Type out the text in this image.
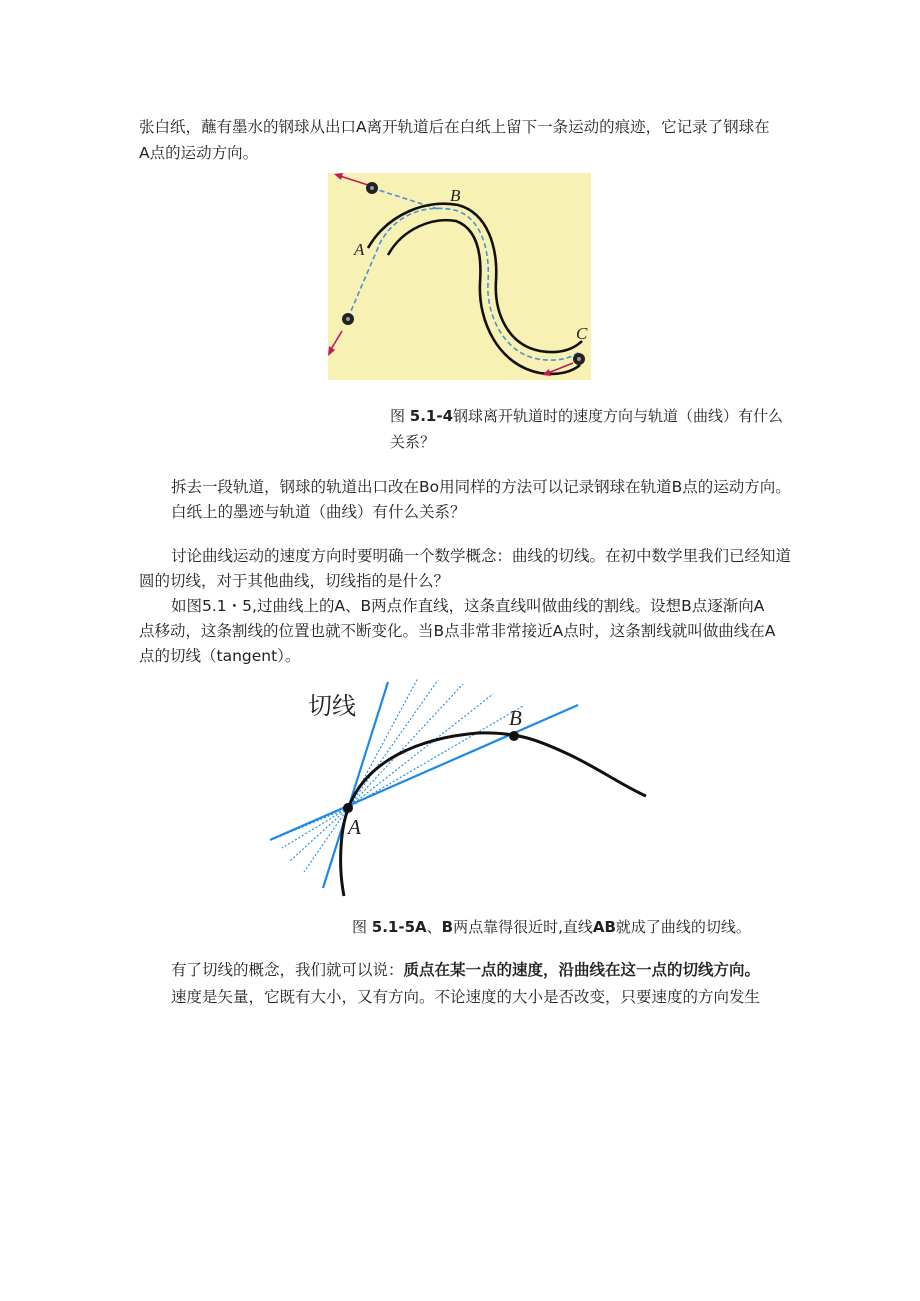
张白纸，蘸有墨水的钢球从出口A离开轨道后在白纸上留下一条运动的痕迹，它记录了钢球在
A点的运动方向。
A
B
C
图 5.1-4钢球离开轨道时的速度方向与轨道（曲线）有什么
关系？
拆去一段轨道，钢球的轨道出口改在Bo用同样的方法可以记录钢球在轨道B点的运动方向。
白纸上的墨迹与轨道（曲线）有什么关系？
讨论曲线运动的速度方向时要明确一个数学概念：曲线的切线。在初中数学里我们已经知道
圆的切线，对于其他曲线，切线指的是什么？
如图5.1・5,过曲线上的A、B两点作直线，这条直线叫做曲线的割线。设想B点逐渐向A
点移动，这条割线的位置也就不断变化。当B点非常非常接近A点时，这条割线就叫做曲线在A
点的切线（tangent）。
切线
A
B
图 5.1-5A、B两点靠得很近时,直线AB就成了曲线的切线。
有了切线的概念，我们就可以说：质点在某一点的速度，沿曲线在这一点的切线方向。
速度是矢量，它既有大小，又有方向。不论速度的大小是否改变，只要速度的方向发生
